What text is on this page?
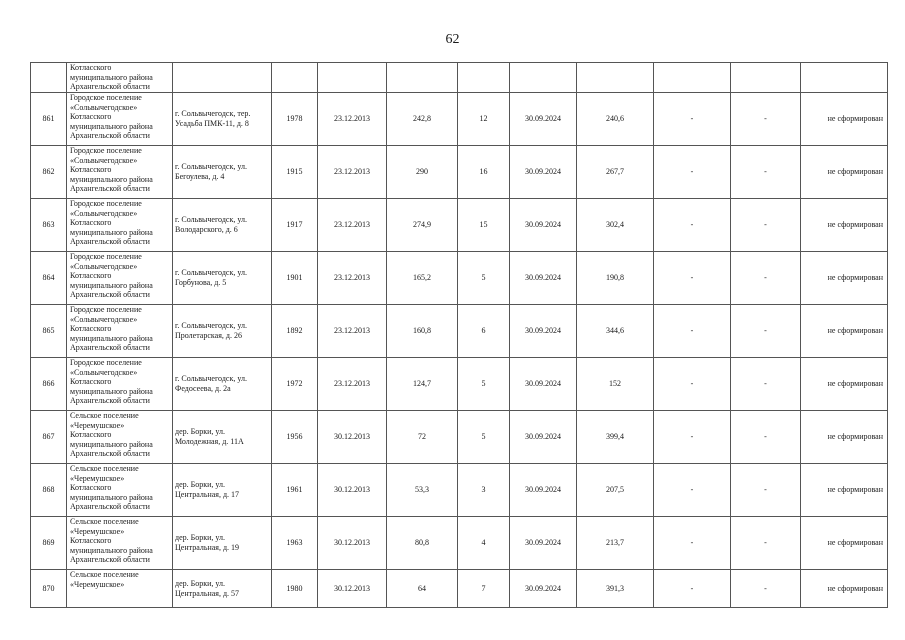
62

	Котласского
муниципального района
Архангельской области										

861	Городское поселение
«Сольвычегодское»
Котласского
муниципального района
Архангельской области	г. Сольвычегодск, тер.
Усадьба ПМК-11, д. 8	1978	23.12.2013	242,8	12	30.09.2024	240,6	-	-	не сформирован
862	Городское поселение
«Сольвычегодское»
Котласского
муниципального района
Архангельской области	г. Сольвычегодск, ул.
Бегоулева, д. 4	1915	23.12.2013	290	16	30.09.2024	267,7	-	-	не сформирован
863	Городское поселение
«Сольвычегодское»
Котласского
муниципального района
Архангельской области	г. Сольвычегодск, ул.
Володарского, д. 6	1917	23.12.2013	274,9	15	30.09.2024	302,4	-	-	не сформирован
864	Городское поселение
«Сольвычегодское»
Котласского
муниципального района
Архангельской области	г. Сольвычегодск, ул.
Горбунова, д. 5	1901	23.12.2013	165,2	5	30.09.2024	190,8	-	-	не сформирован
865	Городское поселение
«Сольвычегодское»
Котласского
муниципального района
Архангельской области	г. Сольвычегодск, ул.
Пролетарская, д. 26	1892	23.12.2013	160,8	6	30.09.2024	344,6	-	-	не сформирован
866	Городское поселение
«Сольвычегодское»
Котласского
муниципального района
Архангельской области	г. Сольвычегодск, ул.
Федосеева, д. 2а	1972	23.12.2013	124,7	5	30.09.2024	152	-	-	не сформирован
867	Сельское поселение
«Черемушское»
Котласского
муниципального района
Архангельской области	дер. Борки, ул.
Молодежная, д. 11А	1956	30.12.2013	72	5	30.09.2024	399,4	-	-	не сформирован
868	Сельское поселение
«Черемушское»
Котласского
муниципального района
Архангельской области	дер. Борки, ул.
Центральная, д. 17	1961	30.12.2013	53,3	3	30.09.2024	207,5	-	-	не сформирован
869	Сельское поселение
«Черемушское»
Котласского
муниципального района
Архангельской области	дер. Борки, ул.
Центральная, д. 19	1963	30.12.2013	80,8	4	30.09.2024	213,7	-	-	не сформирован
870	Сельское поселение
«Черемушское»	дер. Борки, ул.
Центральная, д. 57	1980	30.12.2013	64	7	30.09.2024	391,3	-	-	не сформирован
